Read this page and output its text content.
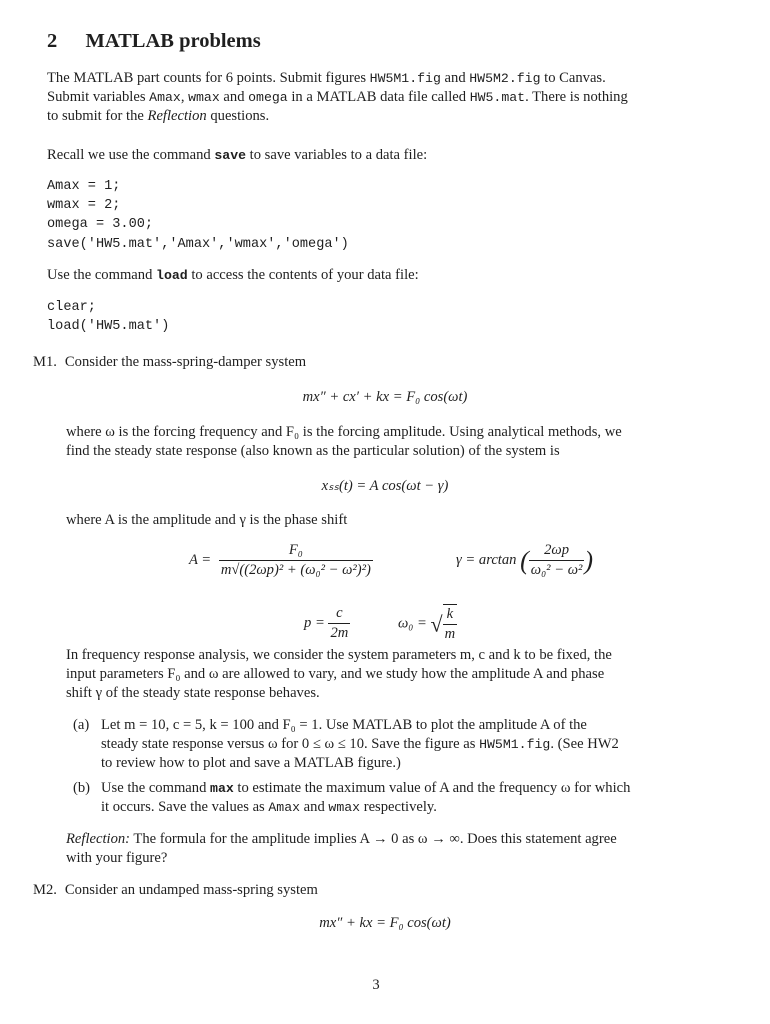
2 MATLAB problems
The MATLAB part counts for 6 points. Submit figures HW5M1.fig and HW5M2.fig to Canvas.
Submit variables Amax, wmax and omega in a MATLAB data file called HW5.mat. There is nothing
to submit for the Reflection questions.
Recall we use the command save to save variables to a data file:
Amax = 1;
wmax = 2;
omega = 3.00;
save('HW5.mat','Amax','wmax','omega')
Use the command load to access the contents of your data file:
clear;
load('HW5.mat')
M1. Consider the mass-spring-damper system
mx″ + cx′ + kx = F₀ cos(ωt)
where ω is the forcing frequency and F₀ is the forcing amplitude. Using analytical methods, we
find the steady state response (also known as the particular solution) of the system is
xₛₛ(t) = A cos(ωt − γ)
where A is the amplitude and γ is the phase shift
$A = \frac{\text{F₀}}{\text{m√((2ωp)² + (ω₀² − ω²)²)}}$	γ = arctan ( $\frac{2\omega p}{\text{ω₀² − ω²}}$ )
$p = \frac{c}{2m}$	ω₀ = √ $\frac{k}{m}$
In frequency response analysis, we consider the system parameters m, c and k to be fixed, the
input parameters F₀ and ω are allowed to vary, and we study how the amplitude A and phase
shift γ of the steady state response behaves.
(a) Let m = 10, c = 5, k = 100 and F₀ = 1. Use MATLAB to plot the amplitude A of the
steady state response versus ω for 0 ≤ ω ≤ 10. Save the figure as HW5M1.fig. (See HW2
to review how to plot and save a MATLAB figure.)
(b) Use the command max to estimate the maximum value of A and the frequency ω for which
it occurs. Save the values as Amax and wmax respectively.
Reflection: The formula for the amplitude implies A → 0 as ω → ∞. Does this statement agree
with your figure?
M2. Consider an undamped mass-spring system
mx″ + kx = F₀ cos(ωt)
3
